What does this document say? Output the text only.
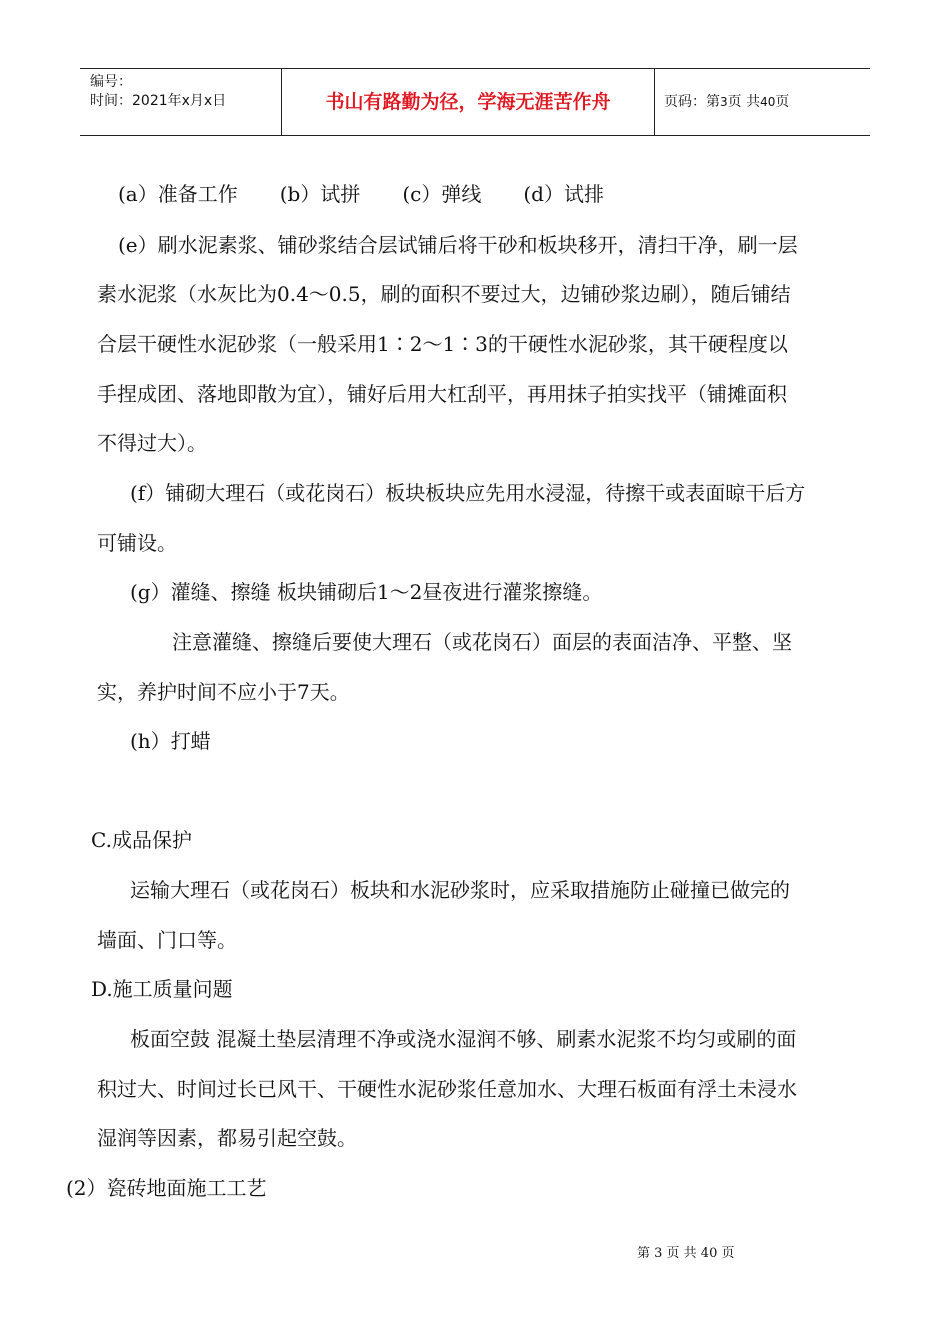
编号：
时间：2021年x月x日	书山有路勤为径，学海无涯苦作舟	页码：第3页 共40页
(a）准备工作 (b）试拼 (c）弹线 (d）试排
(e）刷水泥素浆、铺砂浆结合层试铺后将干砂和板块移开，清扫干净，刷一层
素水泥浆（水灰比为0.4～0.5，刷的面积不要过大，边铺砂浆边刷），随后铺结
合层干硬性水泥砂浆（一般采用1∶2～1∶3的干硬性水泥砂浆，其干硬程度以
手捏成团、落地即散为宜），铺好后用大杠刮平，再用抹子拍实找平（铺摊面积
不得过大）。
(f）铺砌大理石（或花岗石）板块板块应先用水浸湿，待擦干或表面晾干后方
可铺设。
(g）灌缝、擦缝 板块铺砌后1～2昼夜进行灌浆擦缝。
注意灌缝、擦缝后要使大理石（或花岗石）面层的表面洁净、平整、坚
实，养护时间不应小于7天。
(h）打蜡
C.成品保护
运输大理石（或花岗石）板块和水泥砂浆时，应采取措施防止碰撞已做完的
墙面、门口等。
D.施工质量问题
板面空鼓 混凝土垫层清理不净或浇水湿润不够、刷素水泥浆不均匀或刷的面
积过大、时间过长已风干、干硬性水泥砂浆任意加水、大理石板面有浮土未浸水
湿润等因素，都易引起空鼓。
(2）瓷砖地面施工工艺
第 3 页 共 40 页
